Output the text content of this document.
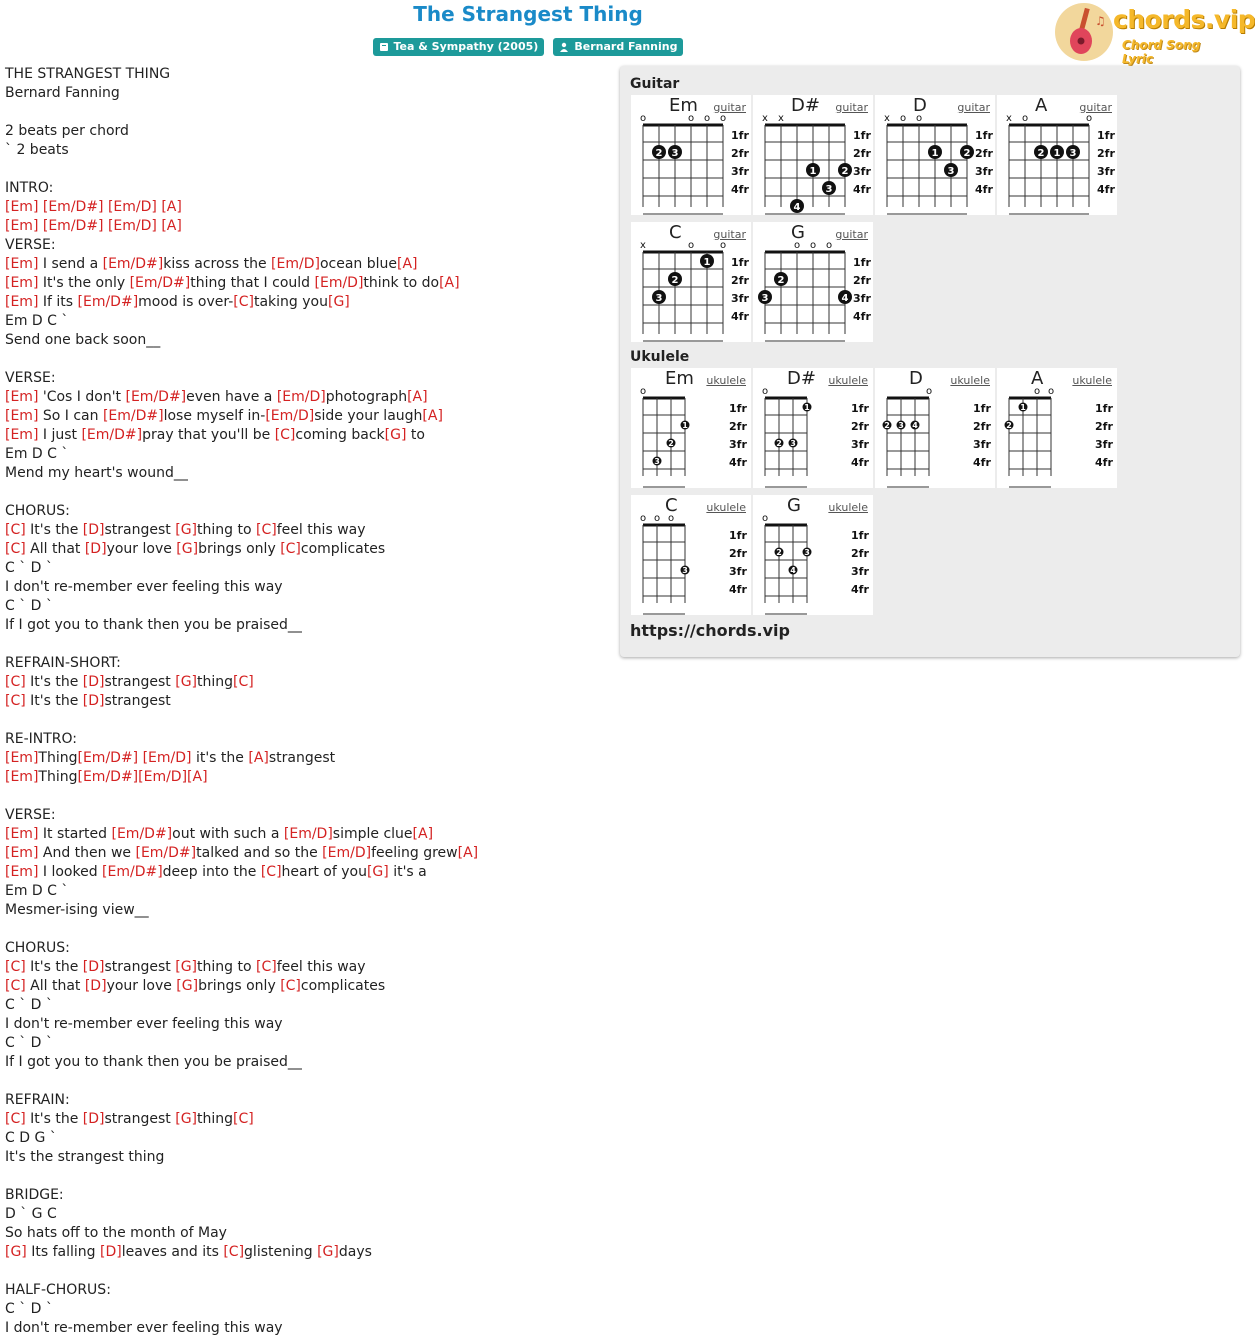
The Strangest Thing
Tea & Sympathy (2005)	Bernard Fanning
♫ chords.vip
Chord Song Lyric
THE STRANGEST THING
Bernard Fanning

2 beats per chord
` 2 beats

INTRO:
[Em] [Em/D#] [Em/D] [A]
[Em] [Em/D#] [Em/D] [A]
VERSE:
[Em] I send a [Em/D#]kiss across the [Em/D]ocean blue[A]
[Em] It's the only [Em/D#]thing that I could [Em/D]think to do[A]
[Em] If its [Em/D#]mood is over-[C]taking you[G]
Em D C `
Send one back soon__

VERSE:
[Em] 'Cos I don't [Em/D#]even have a [Em/D]photograph[A]
[Em] So I can [Em/D#]lose myself in-[Em/D]side your laugh[A]
[Em] I just [Em/D#]pray that you'll be [C]coming back[G] to
Em D C `
Mend my heart's wound__

CHORUS:
[C] It's the [D]strangest [G]thing to [C]feel this way
[C] All that [D]your love [G]brings only [C]complicates
C ` D `
I don't re-member ever feeling this way
C ` D `
If I got you to thank then you be praised__

REFRAIN-SHORT:
[C] It's the [D]strangest [G]thing[C]
[C] It's the [D]strangest

RE-INTRO:
[Em]Thing[Em/D#] [Em/D] it's the [A]strangest
[Em]Thing[Em/D#][Em/D][A]

VERSE:
[Em] It started [Em/D#]out with such a [Em/D]simple clue[A]
[Em] And then we [Em/D#]talked and so the [Em/D]feeling grew[A]
[Em] I looked [Em/D#]deep into the [C]heart of you[G] it's a
Em D C `
Mesmer-ising view__

CHORUS:
[C] It's the [D]strangest [G]thing to [C]feel this way
[C] All that [D]your love [G]brings only [C]complicates
C ` D `
I don't re-member ever feeling this way
C ` D `
If I got you to thank then you be praised__

REFRAIN:
[C] It's the [D]strangest [G]thing[C]
C D G `
It's the strangest thing

BRIDGE:
D ` G C
So hats off to the month of May
[G] Its falling [D]leaves and its [C]glistening [G]days

HALF-CHORUS:
C ` D `
I don't re-member ever feeling this way
Guitar
Em guitar
1fr
2fr
3fr
4fr
o	o o o
2 3
D# guitar
1fr
2fr
3fr
4fr
x x
1	2
3
4
D	guitar
1fr
2fr
3fr
4fr
x o o
1	2
3
A	guitar
1fr
2fr
3fr
4fr
x o	o
2 1 3
C	guitar
1fr
2fr
3fr
4fr
x	o	o
1
2
3
G	guitar
1fr
2fr
3fr
4fr
o o o
2
3	4
Ukulele
Em ukulele
1fr
2fr
3fr
4fr
o
1
2
3
D# ukulele
1fr
2fr
3fr
4fr
o
1
2 3
D	ukulele
1fr
2fr
3fr
4fr
o
2 3 4
A	ukulele
1fr
2fr
3fr
4fr
o o
1
2
C	ukulele
1fr
2fr
3fr
4fr
o o o
3
G ukulele
1fr
2fr
3fr
4fr
o
2	3
4
https://chords.vip
